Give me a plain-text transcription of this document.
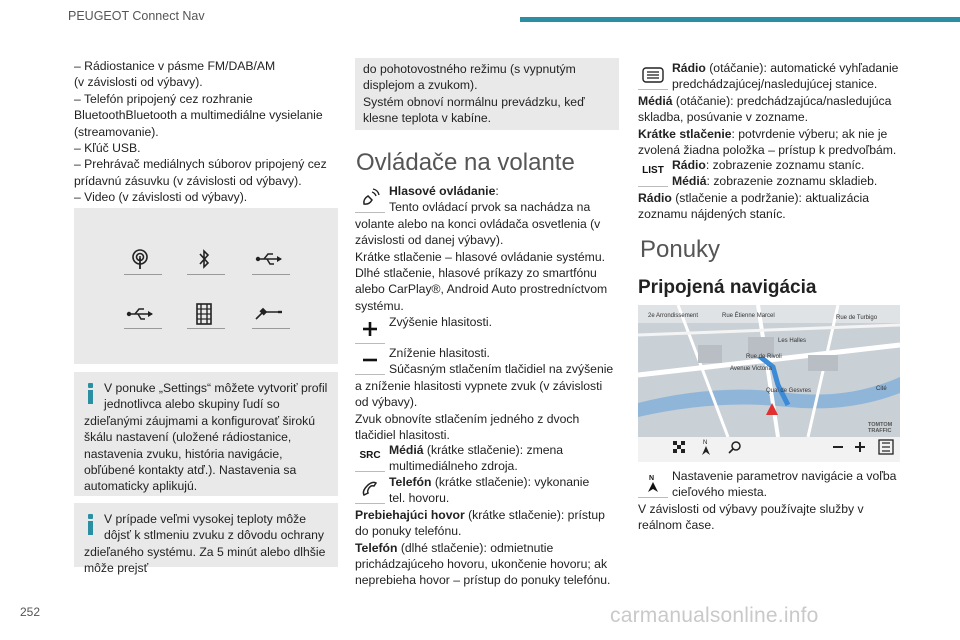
PEUGEOT Connect Nav

– Rádiostanice v pásme FM/DAB/AM

(v závislosti od výbavy).

– Telefón pripojený cez rozhranie

BluetoothBluetooth a multimediálne vysielanie

(streamovanie).

– Kľúč USB.

– Prehrávač mediálnych súborov pripojený cez

prídavnú zásuvku (v závislosti od výbavy).

– Video (v závislosti od výbavy).

V ponuke „Settings“ môžete vytvoriť profil

jednotlivca alebo skupiny ľudí so

zdieľanými záujmami a konfigurovať širokú

škálu nastavení (uložené rádiostanice,

nastavenia zvuku, história navigácie,

obľúbené kontakty atď.). Nastavenia sa

automaticky aplikujú.

V prípade veľmi vysokej teploty môže

dôjsť k stlmeniu zvuku z dôvodu ochrany

zdieľaného systému. Za 5 minút alebo dlhšie môže prejsť

do pohotovostného režimu (s vypnutým

displejom a zvukom).

Systém obnoví normálnu prevádzku, keď

klesne teplota v kabíne.

Ovládače na volante

Hlasové ovládanie:

Tento ovládací prvok sa nachádza na

volante alebo na konci ovládača osvetlenia (v

závislosti od danej výbavy).

Krátke stlačenie – hlasové ovládanie systému.

Dlhé stlačenie, hlasové príkazy zo smartfónu

alebo CarPlay®, Android Auto prostredníctvom

systému.

Zvýšenie hlasitosti.

Zníženie hlasitosti.

Súčasným stlačením tlačidiel na zvýšenie

a zníženie hlasitosti vypnete zvuk (v závislosti

od výbavy).

Zvuk obnovíte stlačením jedného z dvoch

tlačidiel hlasitosti.

SRC Médiá (krátke stlačenie): zmena

multimediálneho zdroja.

Telefón (krátke stlačenie): vykonanie

tel. hovoru.

Prebiehajúci hovor (krátke stlačenie): prístup

do ponuky telefónu.

Telefón (dlhé stlačenie): odmietnutie

prichádzajúceho hovoru, ukončenie hovoru; ak

neprebieha hovor – prístup do ponuky telefónu.

Rádio (otáčanie): automatické vyhľadanie

predchádzajúcej/nasledujúcej stanice.

Médiá (otáčanie): predchádzajúca/nasledujúca

skladba, posúvanie v zozname.

Krátke stlačenie: potvrdenie výberu; ak nie je

zvolená žiadna položka – prístup k predvoľbám.

LIST Rádio: zobrazenie zoznamu staníc.

Médiá: zobrazenie zoznamu skladieb.

Rádio (stlačenie a podržanie): aktualizácia

zoznamu nájdených staníc.

Ponuky
Pripojená navigácia
2e Arrondissement	Rue Étienne Marcel	Rue de Turbigo
Les Halles
Rue de Rivoli
Avenue Victoria
Quai de Gesvres	Cité
TOMTOM TRAFFIC
N
N	Nastavenie parametrov navigácie a voľba

cieľového miesta.

V závislosti od výbavy používajte služby v

reálnom čase.

252	carmanualsonline.info
